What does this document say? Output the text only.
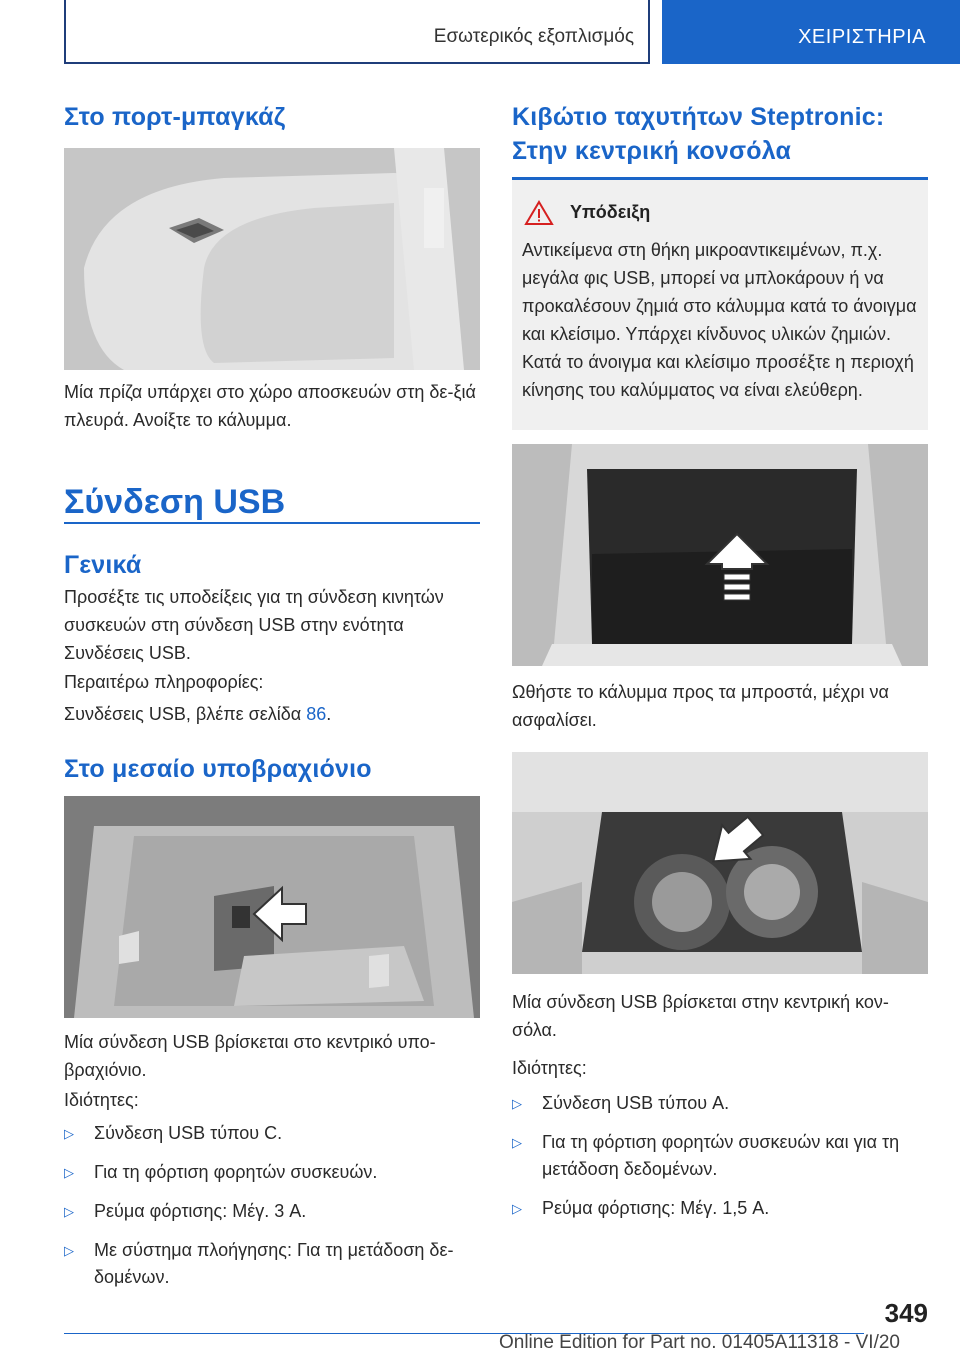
Εσωτερικός εξοπλισμός	ΧΕΙΡΙΣΤΗΡΙΑ
Στο πορτ-μπαγκάζ

Μία πρίζα υπάρχει στο χώρο αποσκευών στη δε-ξιά πλευρά. Ανοίξτε το κάλυμμα.

Σύνδεση USB
Γενικά

Προσέξτε τις υποδείξεις για τη σύνδεση κινητών συσκευών στη σύνδεση USB στην ενότητα Συνδέσεις USB.

Περαιτέρω πληροφορίες:

Συνδέσεις USB, βλέπε σελίδα 86.

Στο μεσαίο υποβραχιόνιο

Μία σύνδεση USB βρίσκεται στο κεντρικό υπο-βραχιόνιο.

Ιδιότητες:

▷ Σύνδεση USB τύπου C.
▷ Για τη φόρτιση φορητών συσκευών.
▷ Ρεύμα φόρτισης: Μέγ. 3 A.
▷ Με σύστημα πλοήγησης: Για τη μετάδοση δε-δομένων.
Κιβώτιο ταχυτήτων Steptronic: Στην κεντρική κονσόλα
Υπόδειξη
Αντικείμενα στη θήκη μικροαντικειμένων, π.χ. μεγάλα φις USB, μπορεί να μπλοκάρουν ή να προκαλέσουν ζημιά στο κάλυμμα κατά το άνοιγμα και κλείσιμο. Υπάρχει κίνδυνος υλικών ζημιών. Κατά το άνοιγμα και κλείσιμο προσέξτε η περιοχή κίνησης του καλύμματος να είναι ελεύθερη.

Ωθήστε το κάλυμμα προς τα μπροστά, μέχρι να ασφαλίσει.

Μία σύνδεση USB βρίσκεται στην κεντρική κον-σόλα.

Ιδιότητες:

▷ Σύνδεση USB τύπου A.
▷ Για τη φόρτιση φορητών συσκευών και για τη μετάδοση δεδομένων.
▷ Ρεύμα φόρτισης: Μέγ. 1,5 A.
349
Online Edition for Part no. 01405A11318 - VI/20
